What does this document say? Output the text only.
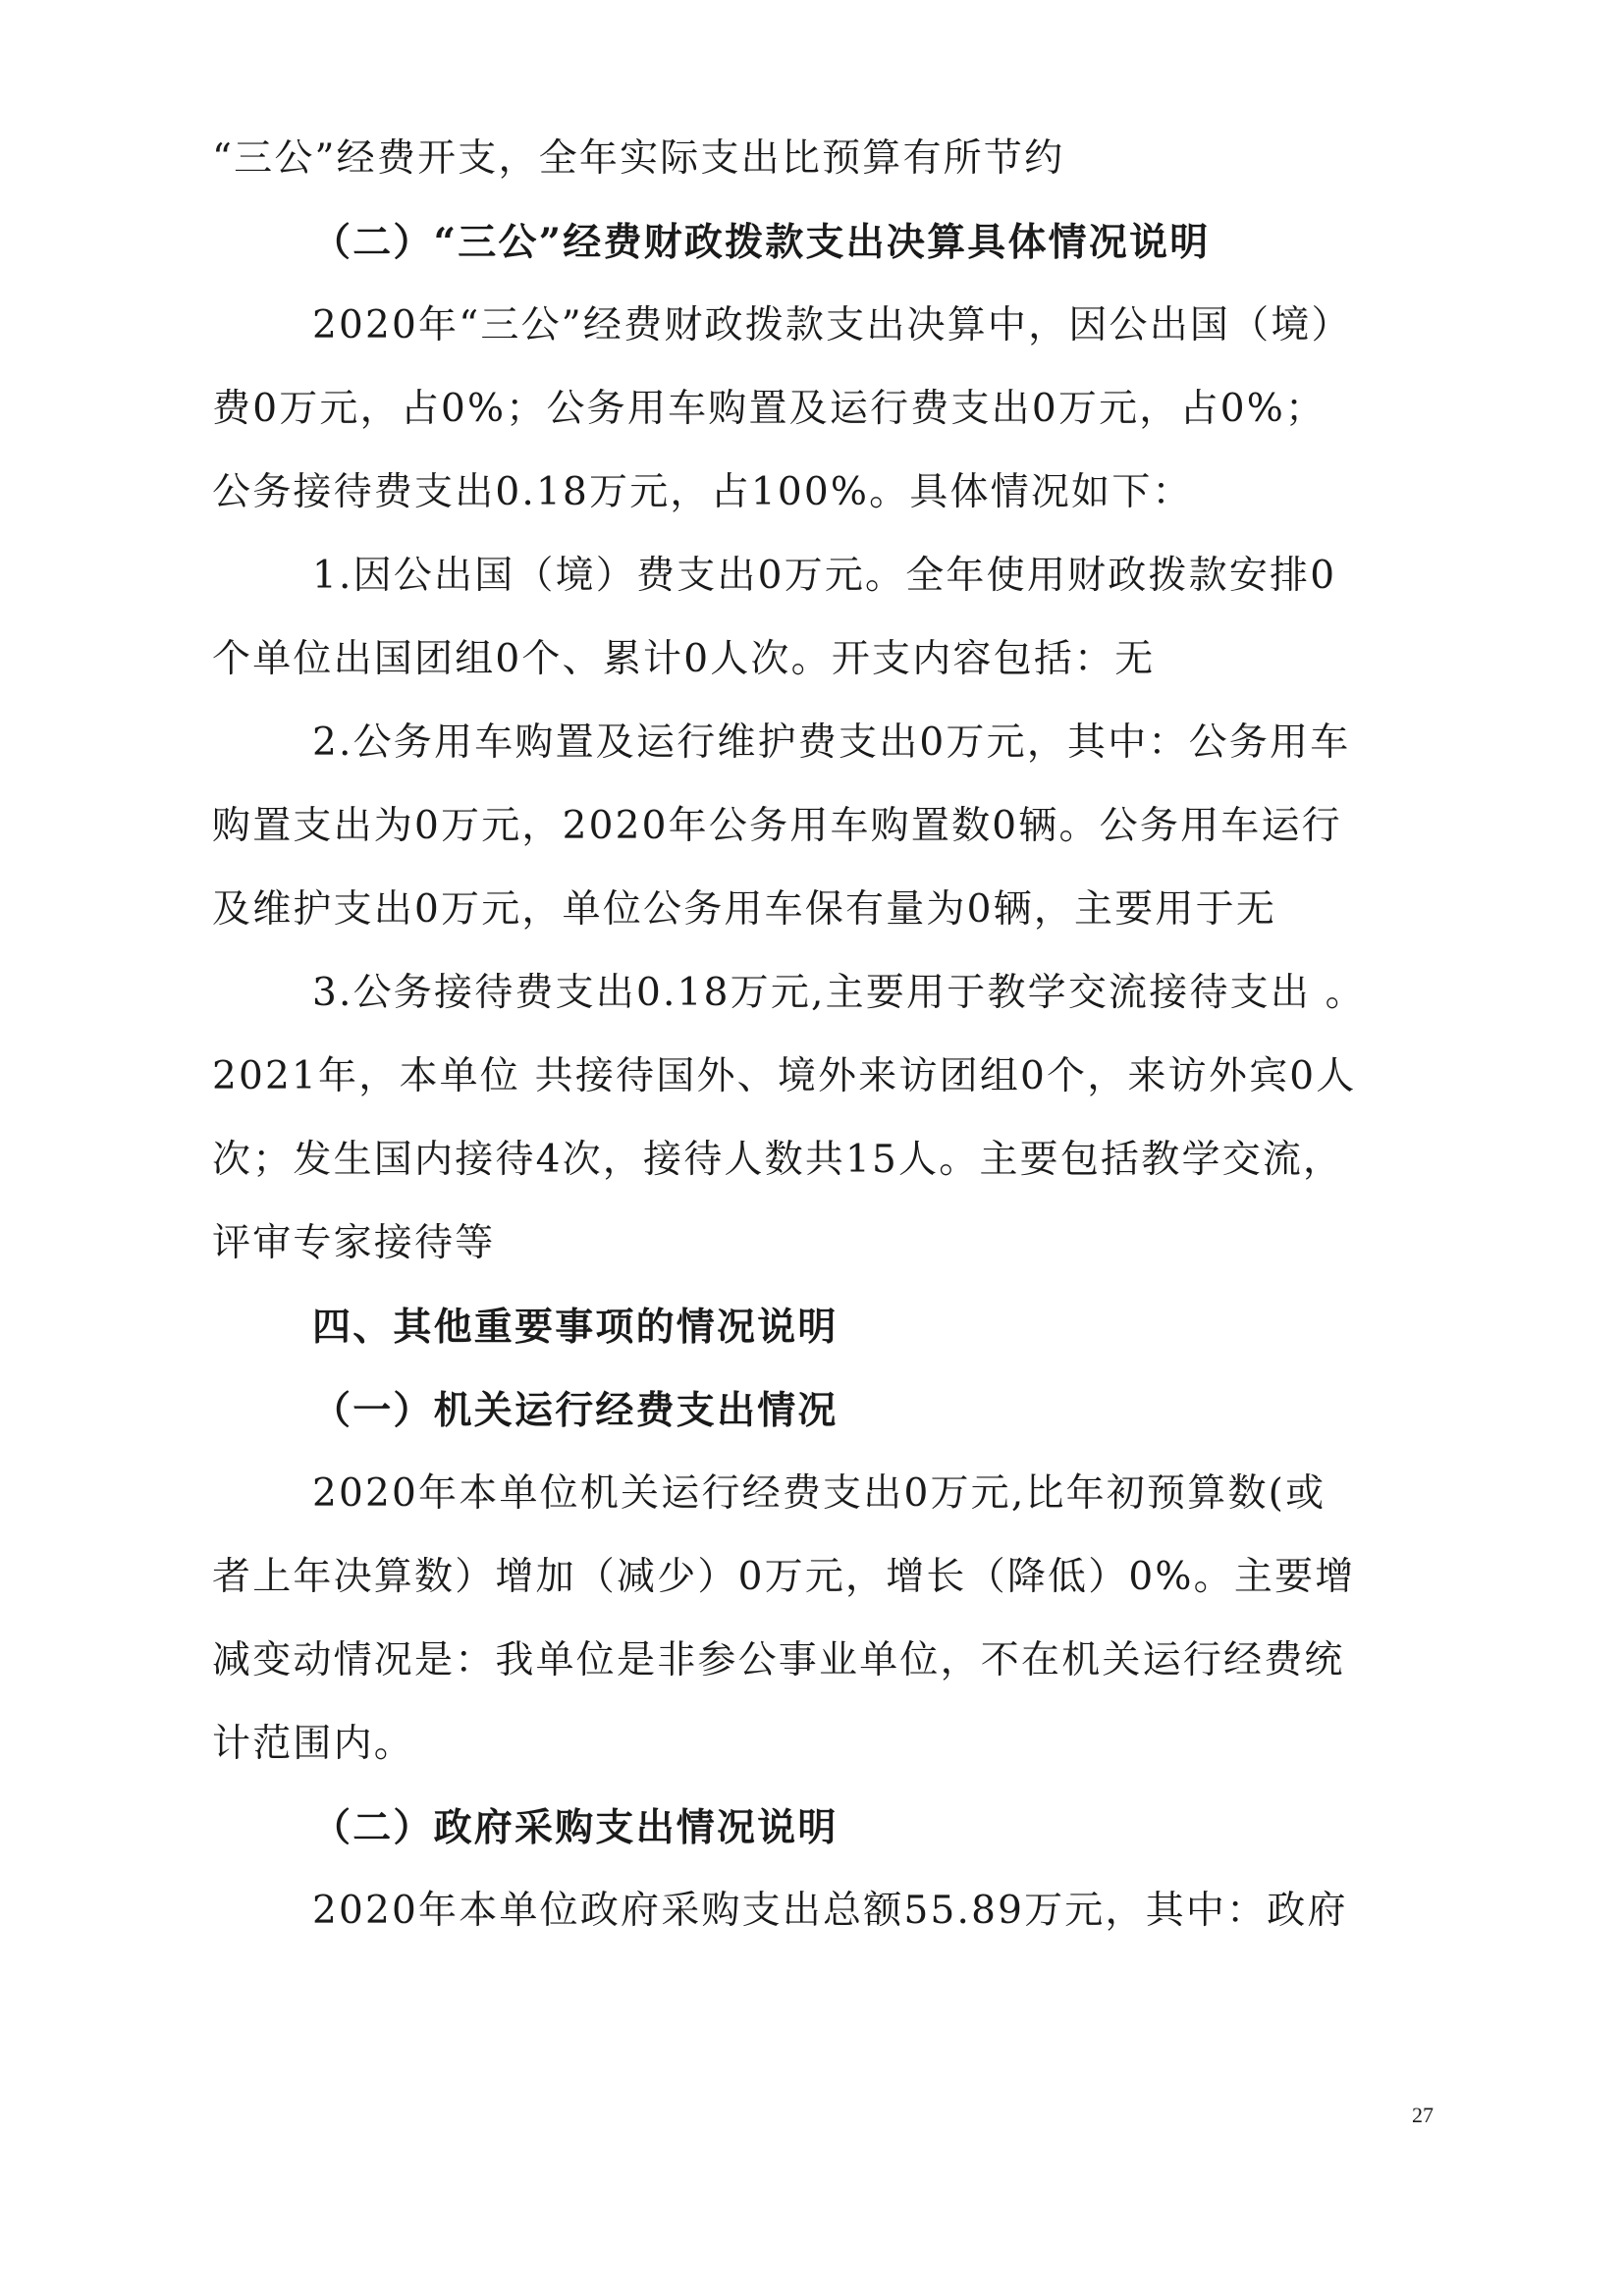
“三公”经费开支，全年实际支出比预算有所节约
（二）“三公”经费财政拨款支出决算具体情况说明
2020年“三公”经费财政拨款支出决算中，因公出国（境）
费0万元，占0%；公务用车购置及运行费支出0万元，占0%；
公务接待费支出0.18万元，占100%。具体情况如下：
1.因公出国（境）费支出0万元。全年使用财政拨款安排0
个单位出国团组0个、累计0人次。开支内容包括：无
2.公务用车购置及运行维护费支出0万元，其中：公务用车
购置支出为0万元，2020年公务用车购置数0辆。公务用车运行
及维护支出0万元，单位公务用车保有量为0辆，主要用于无
3.公务接待费支出0.18万元,主要用于教学交流接待支出 。
2021年，本单位 共接待国外、境外来访团组0个，来访外宾0人
次；发生国内接待4次，接待人数共15人。主要包括教学交流，
评审专家接待等
四、其他重要事项的情况说明
（一）机关运行经费支出情况
2020年本单位机关运行经费支出0万元,比年初预算数(或
者上年决算数）增加（减少）0万元，增长（降低）0%。主要增
减变动情况是：我单位是非参公事业单位，不在机关运行经费统
计范围内。
（二）政府采购支出情况说明
2020年本单位政府采购支出总额55.89万元，其中：政府
27
